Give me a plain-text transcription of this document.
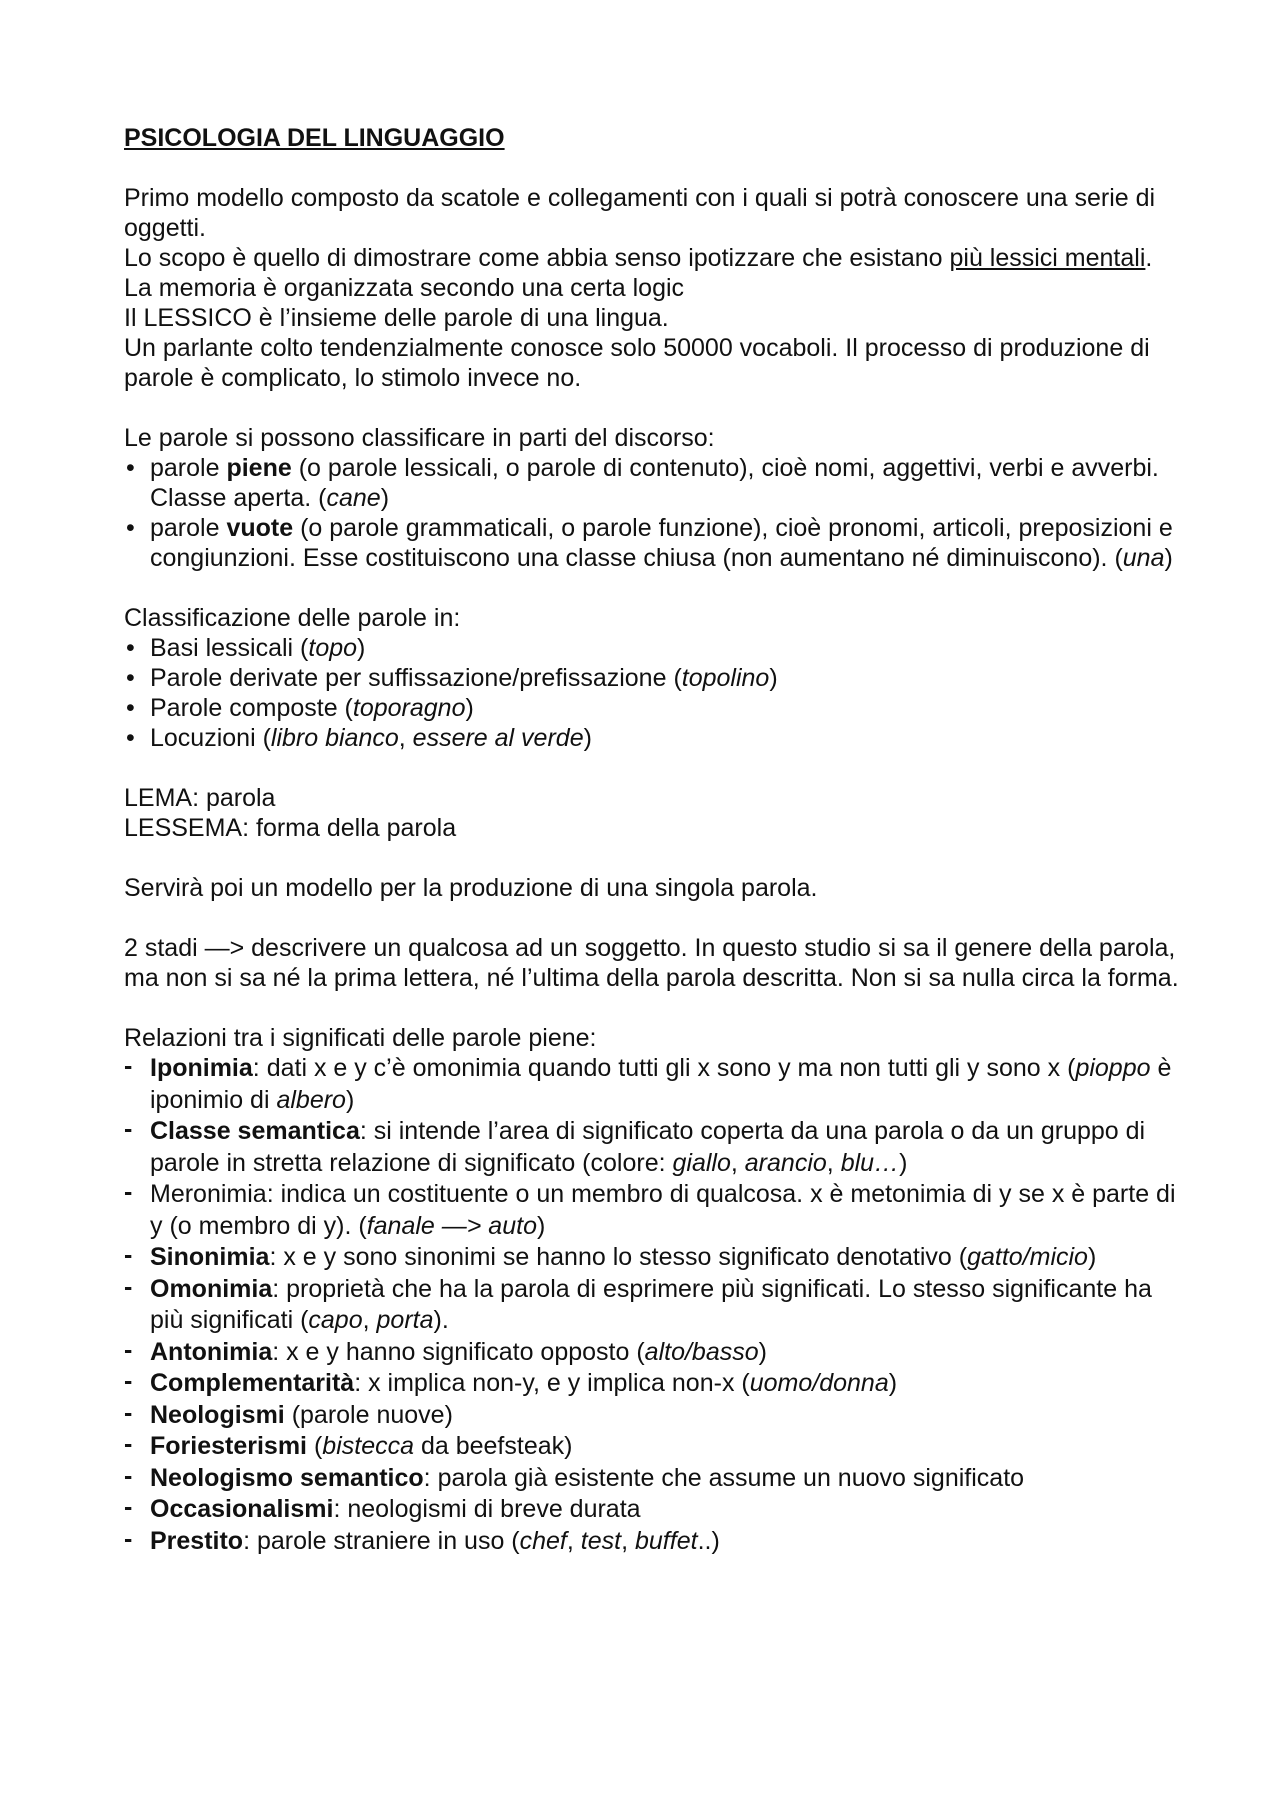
PSICOLOGIA DEL LINGUAGGIO

Primo modello composto da scatole e collegamenti con i quali si potrà conoscere una serie di oggetti.

Lo scopo è quello di dimostrare come abbia senso ipotizzare che esistano più lessici mentali.

La memoria è organizzata secondo una certa logic

Il LESSICO è l’insieme delle parole di una lingua.

Un parlante colto tendenzialmente conosce solo 50000 vocaboli. Il processo di produzione di parole è complicato, lo stimolo invece no.

Le parole si possono classificare in parti del discorso:

• parole piene (o parole lessicali, o parole di contenuto), cioè nomi, aggettivi, verbi e avverbi. Classe aperta. (cane)
• parole vuote (o parole grammaticali, o parole funzione), cioè pronomi, articoli, preposizioni e congiunzioni. Esse costituiscono una classe chiusa (non aumentano né diminuiscono). (una)

Classificazione delle parole in:

• Basi lessicali (topo)
• Parole derivate per suffissazione/prefissazione (topolino)
• Parole composte (toporagno)
• Locuzioni (libro bianco, essere al verde)

LEMA: parola

LESSEMA: forma della parola

Servirà poi un modello per la produzione di una singola parola.

2 stadi —> descrivere un qualcosa ad un soggetto. In questo studio si sa il genere della parola, ma non si sa né la prima lettera, né l’ultima della parola descritta. Non si sa nulla circa la forma.

Relazioni tra i significati delle parole piene:

- Iponimia: dati x e y c’è omonimia quando tutti gli x sono y ma non tutti gli y sono x (pioppo è iponimio di albero)
- Classe semantica: si intende l’area di significato coperta da una parola o da un gruppo di parole in stretta relazione di significato (colore: giallo, arancio, blu…)
- Meronimia: indica un costituente o un membro di qualcosa. x è metonimia di y se x è parte di y (o membro di y). (fanale —> auto)
- Sinonimia: x e y sono sinonimi se hanno lo stesso significato denotativo (gatto/micio)
- Omonimia: proprietà che ha la parola di esprimere più significati. Lo stesso significante ha più significati (capo, porta).
- Antonimia: x e y hanno significato opposto (alto/basso)
- Complementarità: x implica non-y, e y implica non-x (uomo/donna)
- Neologismi (parole nuove)
- Foriesterismi (bistecca da beefsteak)
- Neologismo semantico: parola già esistente che assume un nuovo significato
- Occasionalismi: neologismi di breve durata
- Prestito: parole straniere in uso (chef, test, buffet..)
